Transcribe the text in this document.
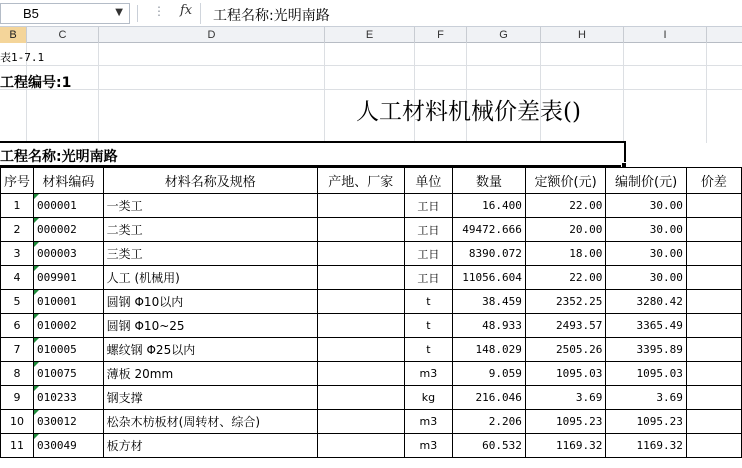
B5	▼	⋮ fx 工程名称:光明南路
B	C	D	E	F	G	H	I
表1-7.1
工程编号:1
人工材料机械价差表()
工程名称:光明南路
序号	材料编码	材料名称及规格	产地、厂家	单位	数量	定额价(元)	编制价(元)	价差
1	000001	一类工		工日	16.400	22.00	30.00	
2	000002	二类工		工日	49472.666	20.00	30.00	
3	000003	三类工		工日	8390.072	18.00	30.00	
4	009901	人工 (机械用)		工日	11056.604	22.00	30.00	
5	010001	圆钢 Φ10以内		t	38.459	2352.25	3280.42	
6	010002	圆钢 Φ10~25		t	48.933	2493.57	3365.49	
7	010005	螺纹钢 Φ25以内		t	148.029	2505.26	3395.89	
8	010075	薄板 20mm		m3	9.059	1095.03	1095.03	
9	010233	钢支撑		kg	216.046	3.69	3.69	
10	030012	松杂木枋板材(周转材、综合)		m3	2.206	1095.23	1095.23	
11	030049	板方材		m3	60.532	1169.32	1169.32	
